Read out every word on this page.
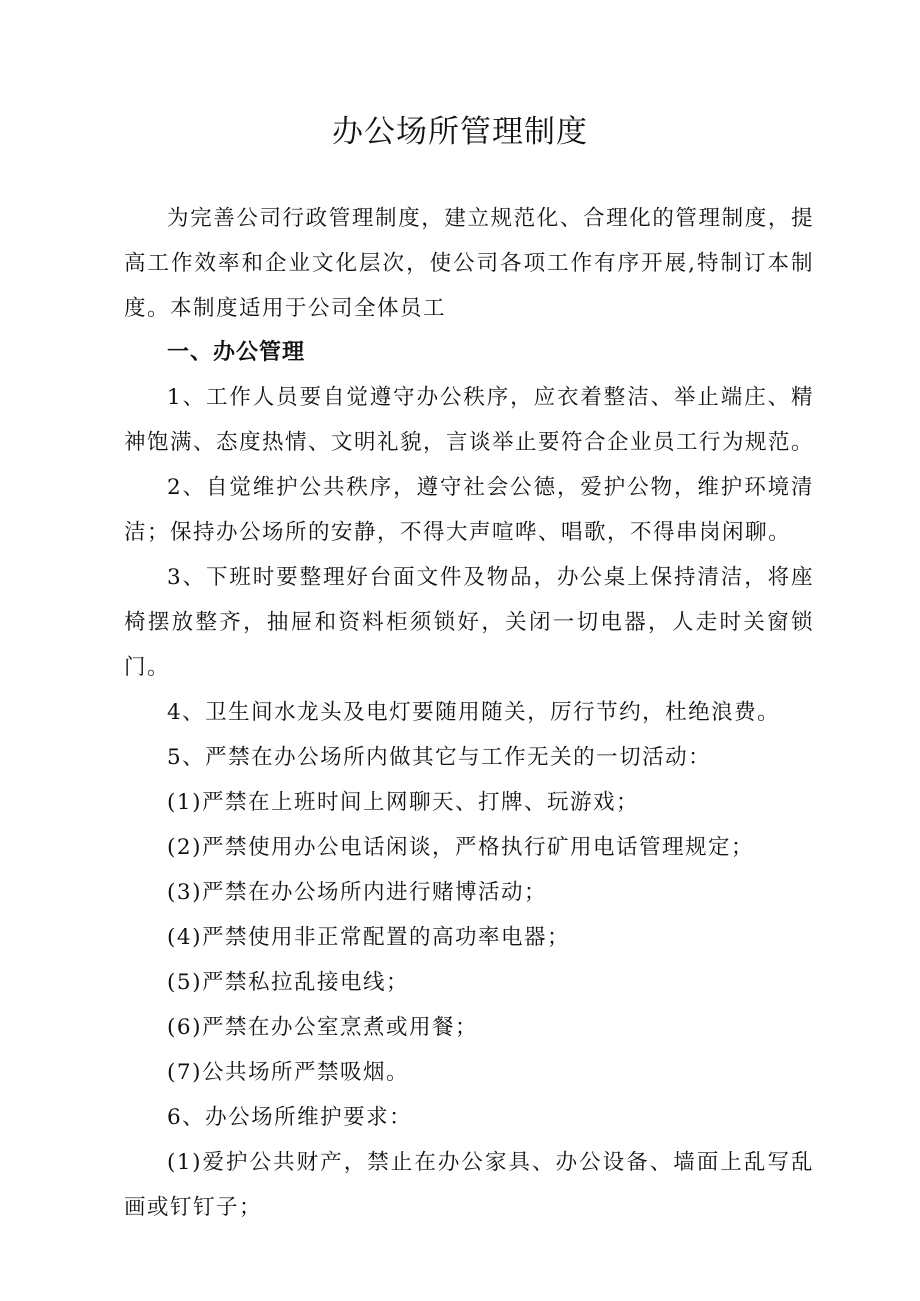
办公场所管理制度

为完善公司行政管理制度，建立规范化、合理化的管理制度，提高工作效率和企业文化层次，使公司各项工作有序开展,特制订本制度。本制度适用于公司全体员工

一、办公管理

1、工作人员要自觉遵守办公秩序，应衣着整洁、举止端庄、精神饱满、态度热情、文明礼貌，言谈举止要符合企业员工行为规范。

2、自觉维护公共秩序，遵守社会公德，爱护公物，维护环境清洁；保持办公场所的安静，不得大声喧哗、唱歌，不得串岗闲聊。

3、下班时要整理好台面文件及物品，办公桌上保持清洁，将座椅摆放整齐，抽屉和资料柜须锁好，关闭一切电器，人走时关窗锁门。

4、卫生间水龙头及电灯要随用随关，厉行节约，杜绝浪费。

5、严禁在办公场所内做其它与工作无关的一切活动：

(1)严禁在上班时间上网聊天、打牌、玩游戏；

(2)严禁使用办公电话闲谈，严格执行矿用电话管理规定；

(3)严禁在办公场所内进行赌博活动；

(4)严禁使用非正常配置的高功率电器；

(5)严禁私拉乱接电线；

(6)严禁在办公室烹煮或用餐；

(7)公共场所严禁吸烟。

6、办公场所维护要求：

(1)爱护公共财产，禁止在办公家具、办公设备、墙面上乱写乱画或钉钉子；
